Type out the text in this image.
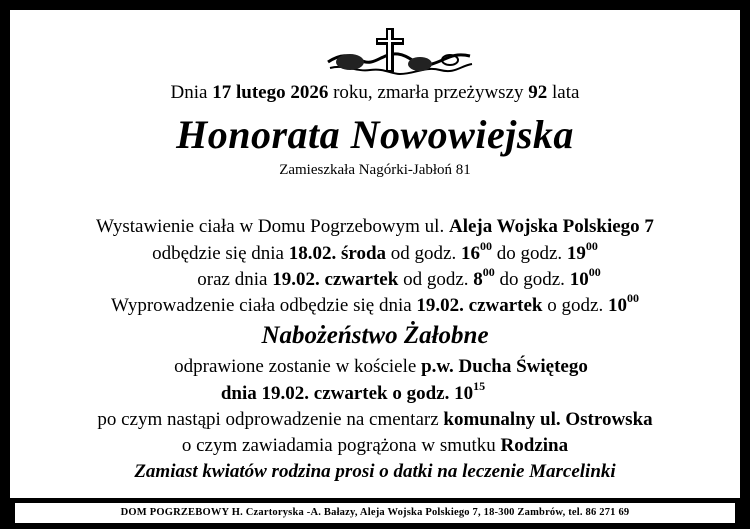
Dnia 17 lutego 2026 roku, zmarła przeżywszy 92 lata
Honorata Nowowiejska
Zamieszkała Nagórki-Jabłoń 81
Wystawienie ciała w Domu Pogrzebowym ul. Aleja Wojska Polskiego 7
odbędzie się dnia 18.02. środa od godz. $16^{00}$ do godz. $19^{00}$
oraz dnia 19.02. czwartek od godz. $8^{00}$ do godz. $10^{00}$
Wyprowadzenie ciała odbędzie się dnia 19.02. czwartek o godz. $10^{00}$
Nabożeństwo Żałobne
odprawione zostanie w kościele p.w. Ducha Świętego
dnia 19.02. czwartek o godz. $10^{15}$
po czym nastąpi odprowadzenie na cmentarz komunalny ul. Ostrowska
o czym zawiadamia pogrążona w smutku Rodzina
Zamiast kwiatów rodzina prosi o datki na leczenie Marcelinki
DOM POGRZEBOWY H. Czartoryska -A. Bałazy, Aleja Wojska Polskiego 7, 18-300 Zambrów, tel. 86 271 69
